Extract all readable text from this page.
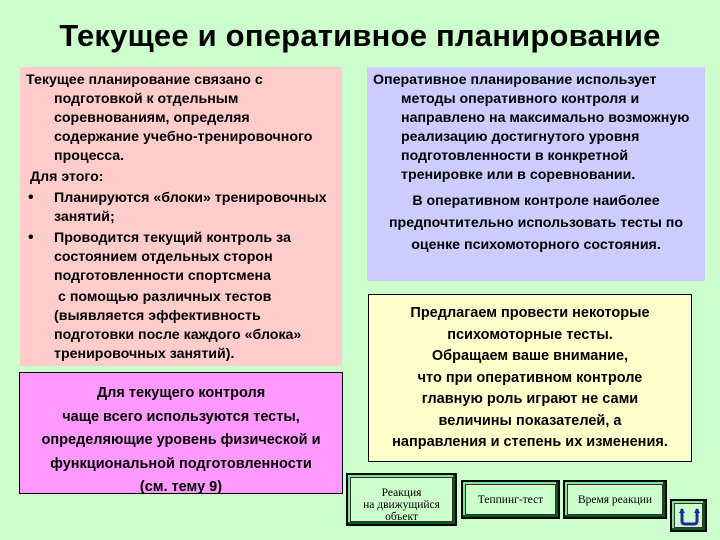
Текущее и оперативное планирование

Текущее планирование связано с подготовкой к отдельным соревнованиям, определяя содержание учебно-тренировочного процесса.

Для этого:

• Планируются «блоки» тренировочных занятий;
• Проводится текущий контроль за состоянием отдельных сторон подготовленности спортсмена

с помощью различных тестов (выявляется эффективность подготовки после каждого «блока» тренировочных занятий).

Оперативное планирование использует методы оперативного контроля и направлено на максимально возможную реализацию достигнутого уровня подготовленности в конкретной тренировке или в соревновании.

В оперативном контроле наиболее предпочтительно использовать тесты по оценке психомоторного состояния.

Для текущего контроля
чаще всего используются тесты,
определяющие уровень физической и
функциональной подготовленности
(см. тему 9)
Предлагаем провести некоторые
психомоторные тесты.
Обращаем ваше внимание,
что при оперативном контроле
главную роль играют не сами
величины показателей, а
направления и степень их изменения.
Реакция
на движущийся
объект
Теппинг-тест	Время реакции
